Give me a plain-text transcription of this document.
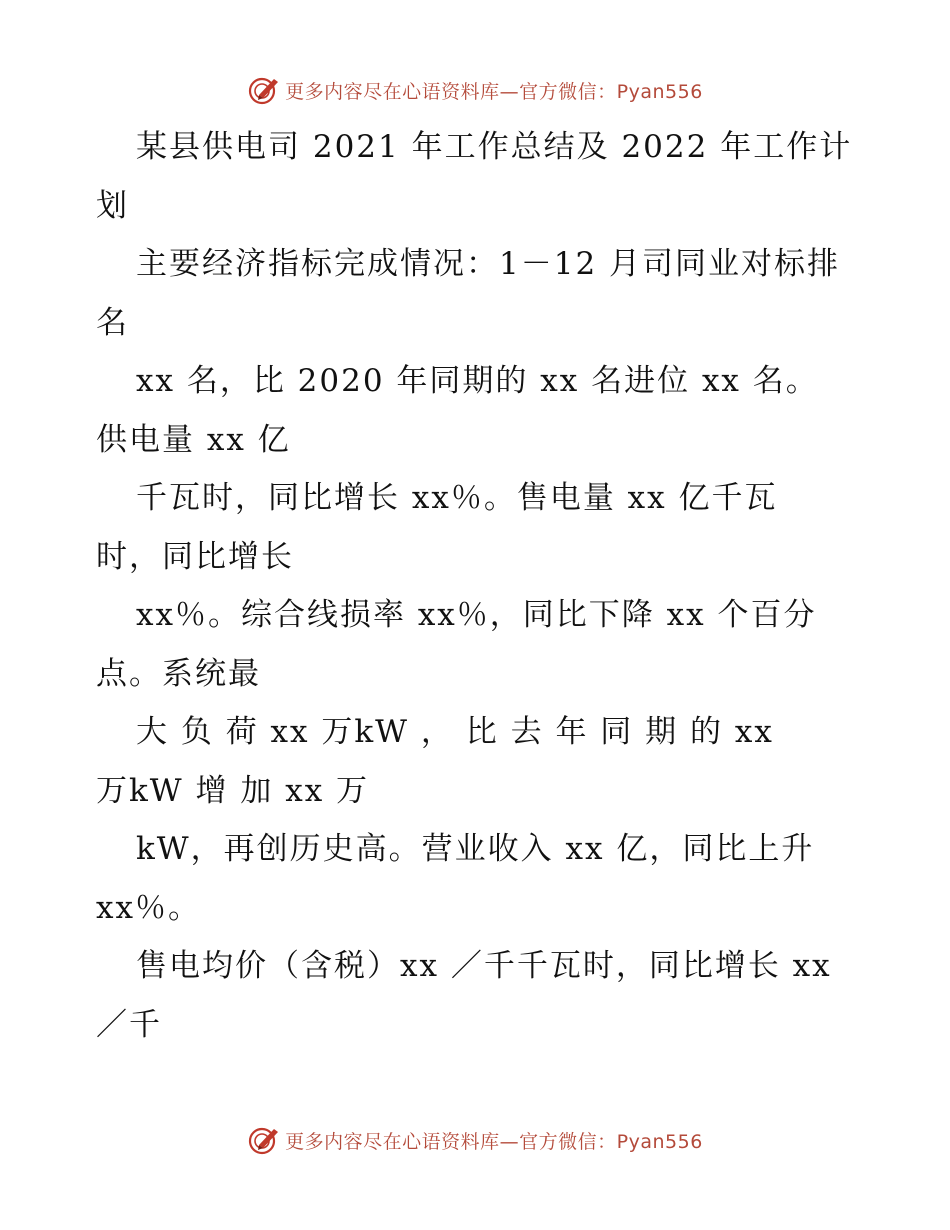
更多内容尽在心语资料库—官方微信：Pyan556
某县供电司 2021 年工作总结及 2022 年工作计
划
主要经济指标完成情况：1－12 月司同业对标排
名
xx 名，比 2020 年同期的 xx 名进位 xx 名。
供电量 xx 亿
千瓦时，同比增长 xx％。售电量 xx 亿千瓦
时，同比增长
xx％。综合线损率 xx％，同比下降 xx 个百分
点。系统最
大 负 荷 xx 万kW ， 比 去 年 同 期 的 xx
万kW 增 加 xx 万
kW，再创历史高。营业收入 xx 亿，同比上升
xx％。
售电均价（含税）xx ／千千瓦时，同比增长 xx
／千
更多内容尽在心语资料库—官方微信：Pyan556
